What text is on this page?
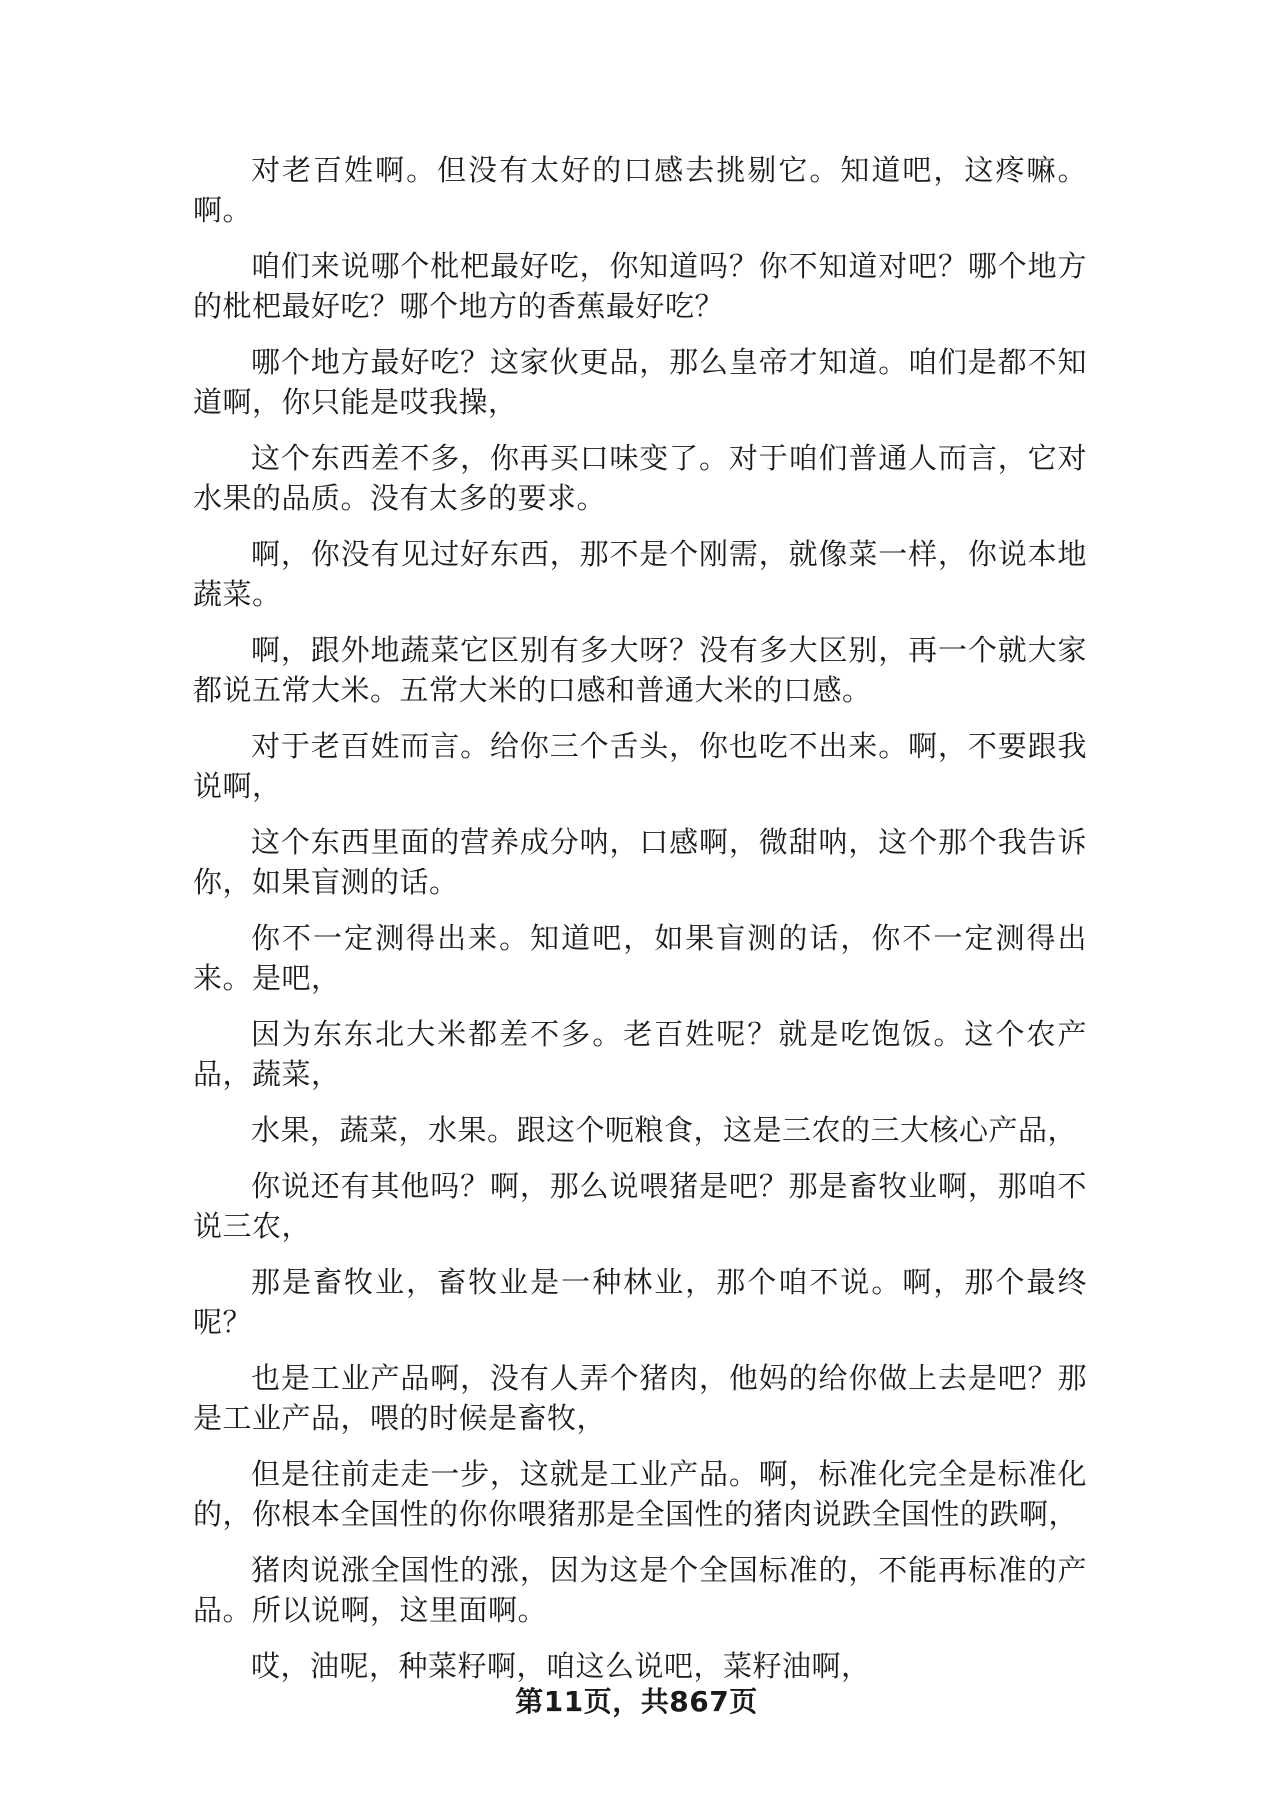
对老百姓啊。但没有太好的口感去挑剔它。知道吧，这疼嘛。啊。

咱们来说哪个枇杷最好吃，你知道吗？你不知道对吧？哪个地方的枇杷最好吃？哪个地方的香蕉最好吃？

哪个地方最好吃？这家伙更品，那么皇帝才知道。咱们是都不知道啊，你只能是哎我操，

这个东西差不多，你再买口味变了。对于咱们普通人而言，它对水果的品质。没有太多的要求。

啊，你没有见过好东西，那不是个刚需，就像菜一样，你说本地蔬菜。

啊，跟外地蔬菜它区别有多大呀？没有多大区别，再一个就大家都说五常大米。五常大米的口感和普通大米的口感。

对于老百姓而言。给你三个舌头，你也吃不出来。啊，不要跟我说啊，

这个东西里面的营养成分呐，口感啊，微甜呐，这个那个我告诉你，如果盲测的话。

你不一定测得出来。知道吧，如果盲测的话，你不一定测得出来。是吧，

因为东东北大米都差不多。老百姓呢？就是吃饱饭。这个农产品，蔬菜，

水果，蔬菜，水果。跟这个呃粮食，这是三农的三大核心产品，

你说还有其他吗？啊，那么说喂猪是吧？那是畜牧业啊，那咱不说三农，

那是畜牧业，畜牧业是一种林业，那个咱不说。啊，那个最终呢？

也是工业产品啊，没有人弄个猪肉，他妈的给你做上去是吧？那是工业产品，喂的时候是畜牧，

但是往前走走一步，这就是工业产品。啊，标准化完全是标准化的，你根本全国性的你你喂猪那是全国性的猪肉说跌全国性的跌啊，

猪肉说涨全国性的涨，因为这是个全国标准的，不能再标准的产品。所以说啊，这里面啊。

哎，油呢，种菜籽啊，咱这么说吧，菜籽油啊，

第11页，共867页
